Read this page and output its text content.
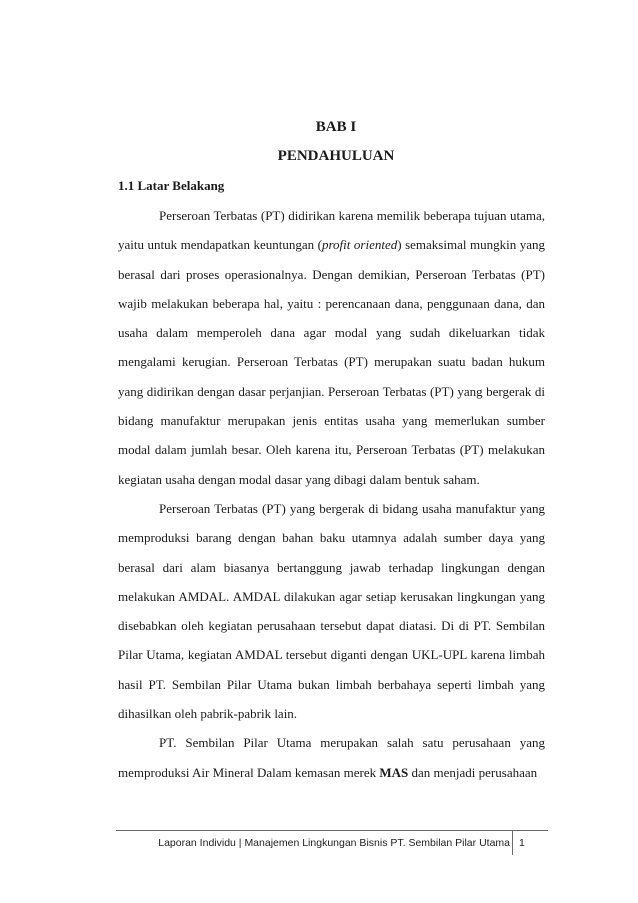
BAB I
PENDAHULUAN
1.1 Latar Belakang

Perseroan Terbatas (PT) didirikan karena memilik beberapa tujuan utama, yaitu untuk mendapatkan keuntungan (profit oriented) semaksimal mungkin yang berasal dari proses operasionalnya. Dengan demikian, Perseroan Terbatas (PT) wajib melakukan beberapa hal, yaitu : perencanaan dana, penggunaan dana, dan usaha dalam memperoleh dana agar modal yang sudah dikeluarkan tidak mengalami kerugian. Perseroan Terbatas (PT) merupakan suatu badan hukum yang didirikan dengan dasar perjanjian. Perseroan Terbatas (PT) yang bergerak di bidang manufaktur merupakan jenis entitas usaha yang memerlukan sumber modal dalam jumlah besar. Oleh karena itu, Perseroan Terbatas (PT) melakukan kegiatan usaha dengan modal dasar yang dibagi dalam bentuk saham.

Perseroan Terbatas (PT) yang bergerak di bidang usaha manufaktur yang memproduksi barang dengan bahan baku utamnya adalah sumber daya yang berasal dari alam biasanya bertanggung jawab terhadap lingkungan dengan melakukan AMDAL. AMDAL dilakukan agar setiap kerusakan lingkungan yang disebabkan oleh kegiatan perusahaan tersebut dapat diatasi. Di di PT. Sembilan Pilar Utama, kegiatan AMDAL tersebut diganti dengan UKL-UPL karena limbah hasil PT. Sembilan Pilar Utama bukan limbah berbahaya seperti limbah yang dihasilkan oleh pabrik-pabrik lain.

PT. Sembilan Pilar Utama merupakan salah satu perusahaan yang memproduksi Air Mineral Dalam kemasan merek MAS dan menjadi perusahaan

Laporan Individu | Manajemen Lingkungan Bisnis PT. Sembilan Pilar Utama 1
